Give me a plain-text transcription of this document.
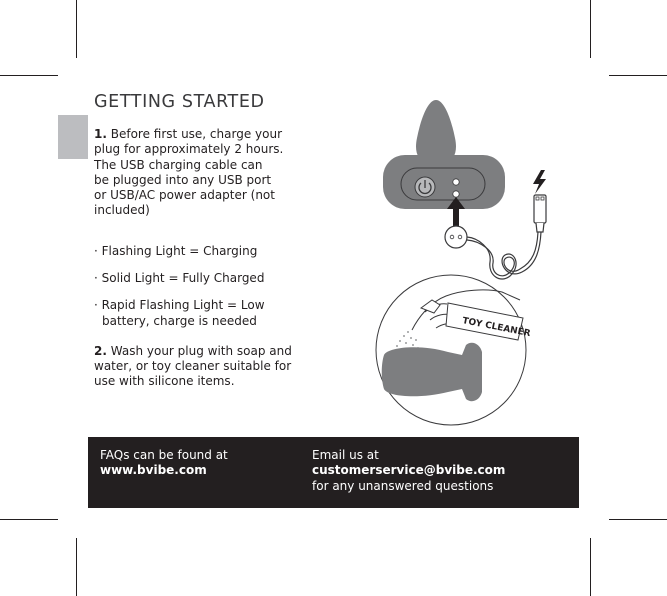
GETTING STARTED
1. Before first use, charge your
plug for approximately 2 hours.
The USB charging cable can
be plugged into any USB port
or USB/AC power adapter (not
included)
· Flashing Light = Charging
· Solid Light = Fully Charged
· Rapid Flashing Light = Low
battery, charge is needed
2. Wash your plug with soap and
water, or toy cleaner suitable for
use with silicone items.
TOY CLEANER
FAQs can be found at
www.bvibe.com
Email us at
customerservice@bvibe.com
for any unanswered questions
